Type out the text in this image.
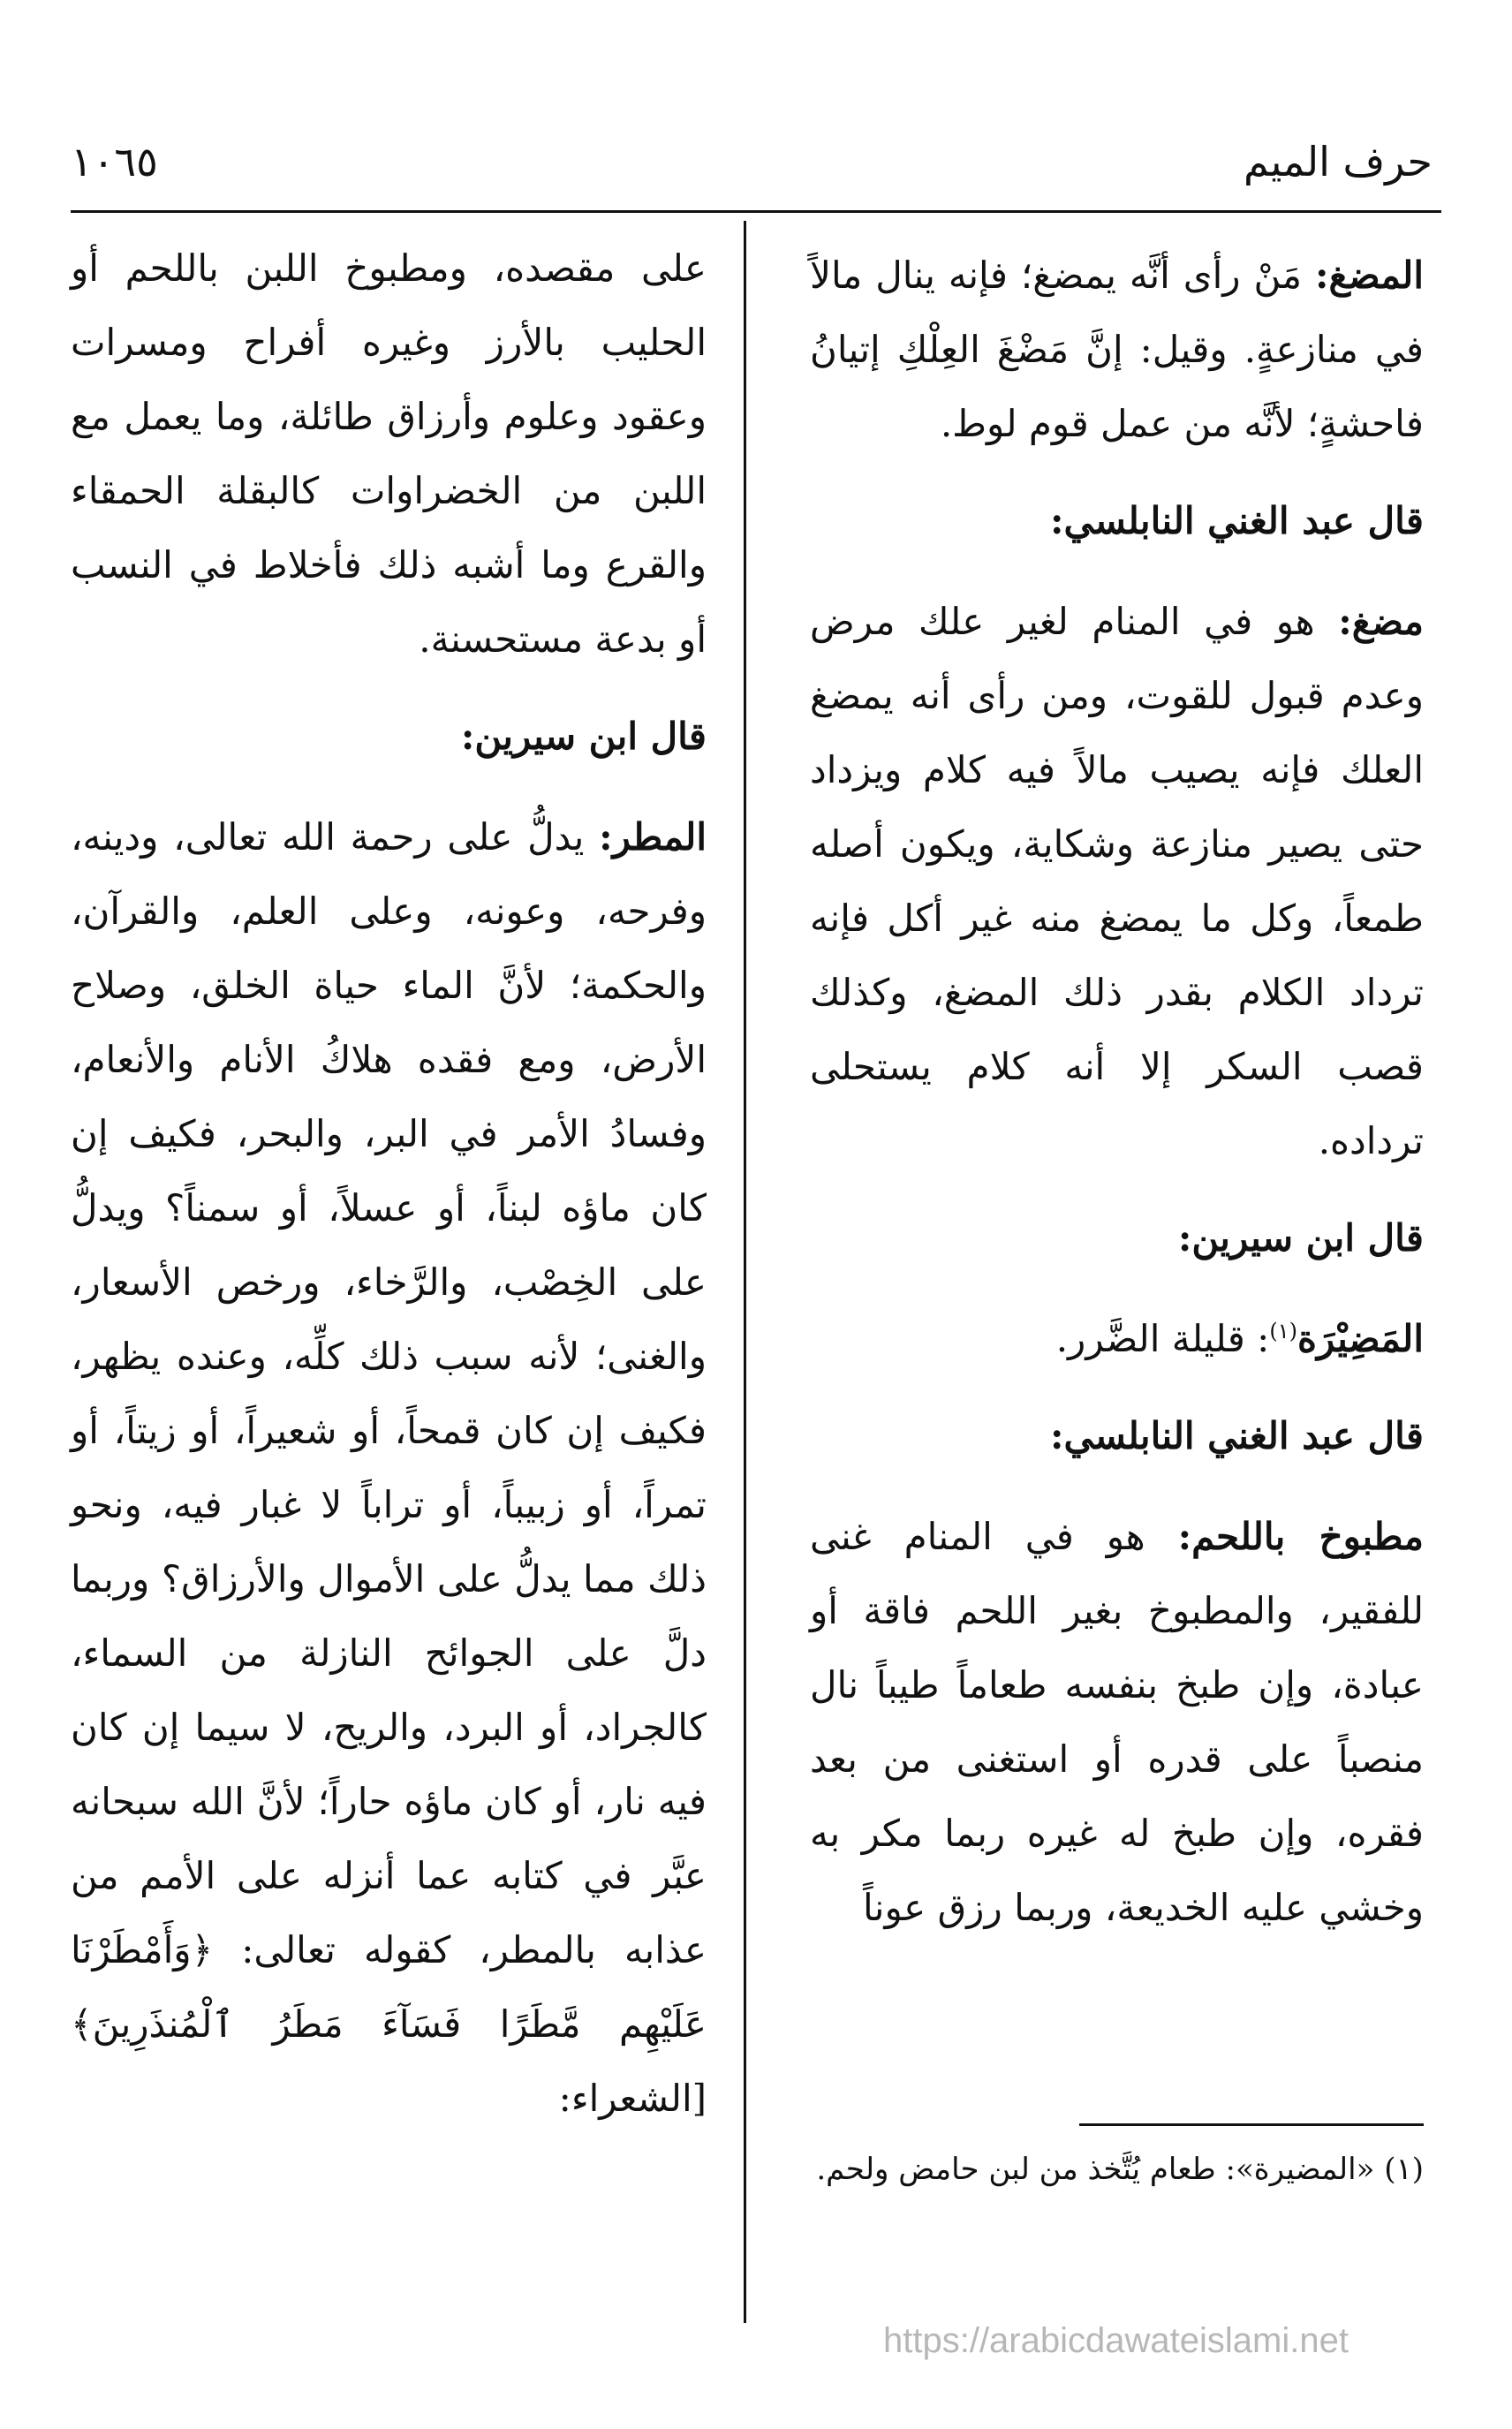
حرف الميم
١٠٦٥

المضغ: مَنْ رأى أنَّه يمضغ؛ فإنه ينال مالاً في منازعةٍ. وقيل: إنَّ مَضْغَ العِلْكِ إتيانُ فاحشةٍ؛ لأنَّه من عمل قوم لوط.

قال عبد الغني النابلسي:

مضغ: هو في المنام لغير علك مرض وعدم قبول للقوت، ومن رأى أنه يمضغ العلك فإنه يصيب مالاً فيه كلام ويزداد حتى يصير منازعة وشكاية، ويكون أصله طمعاً، وكل ما يمضغ منه غير أكل فإنه ترداد الكلام بقدر ذلك المضغ، وكذلك قصب السكر إلا أنه كلام يستحلى ترداده.

قال ابن سيرين:

المَضِيْرَة$^{(١)}$: قليلة الضَّرر.

قال عبد الغني النابلسي:

مطبوخ باللحم: هو في المنام غنى للفقير، والمطبوخ بغير اللحم فاقة أو عبادة، وإن طبخ بنفسه طعاماً طيباً نال منصباً على قدره أو استغنى من بعد فقره، وإن طبخ له غيره ربما مكر به وخشي عليه الخديعة، وربما رزق عوناً

على مقصده، ومطبوخ اللبن باللحم أو الحليب بالأرز وغيره أفراح ومسرات وعقود وعلوم وأرزاق طائلة، وما يعمل مع اللبن من الخضراوات كالبقلة الحمقاء والقرع وما أشبه ذلك فأخلاط في النسب أو بدعة مستحسنة.

قال ابن سيرين:

المطر: يدلُّ على رحمة الله تعالى، ودينه، وفرحه، وعونه، وعلى العلم، والقرآن، والحكمة؛ لأنَّ الماء حياة الخلق، وصلاح الأرض، ومع فقده هلاكُ الأنام والأنعام، وفسادُ الأمر في البر، والبحر، فكيف إن كان ماؤه لبناً، أو عسلاً، أو سمناً؟ ويدلُّ على الخِصْب، والرَّخاء، ورخص الأسعار، والغنى؛ لأنه سبب ذلك كلِّه، وعنده يظهر، فكيف إن كان قمحاً، أو شعيراً، أو زيتاً، أو تمراً، أو زبيباً، أو تراباً لا غبار فيه، ونحو ذلك مما يدلُّ على الأموال والأرزاق؟ وربما دلَّ على الجوائح النازلة من السماء، كالجراد، أو البرد، والريح، لا سيما إن كان فيه نار، أو كان ماؤه حاراً؛ لأنَّ الله سبحانه عبَّر في كتابه عما أنزله على الأمم من عذابه بالمطر، كقوله تعالى: ﴿وَأَمْطَرْنَا عَلَيْهِم مَّطَرًا فَسَآءَ مَطَرُ ٱلْمُنذَرِينَ﴾ [الشعراء:

(١) «المضيرة»: طعام يُتَّخذ من لبن حامض ولحم.
https://arabicdawateislami.net
